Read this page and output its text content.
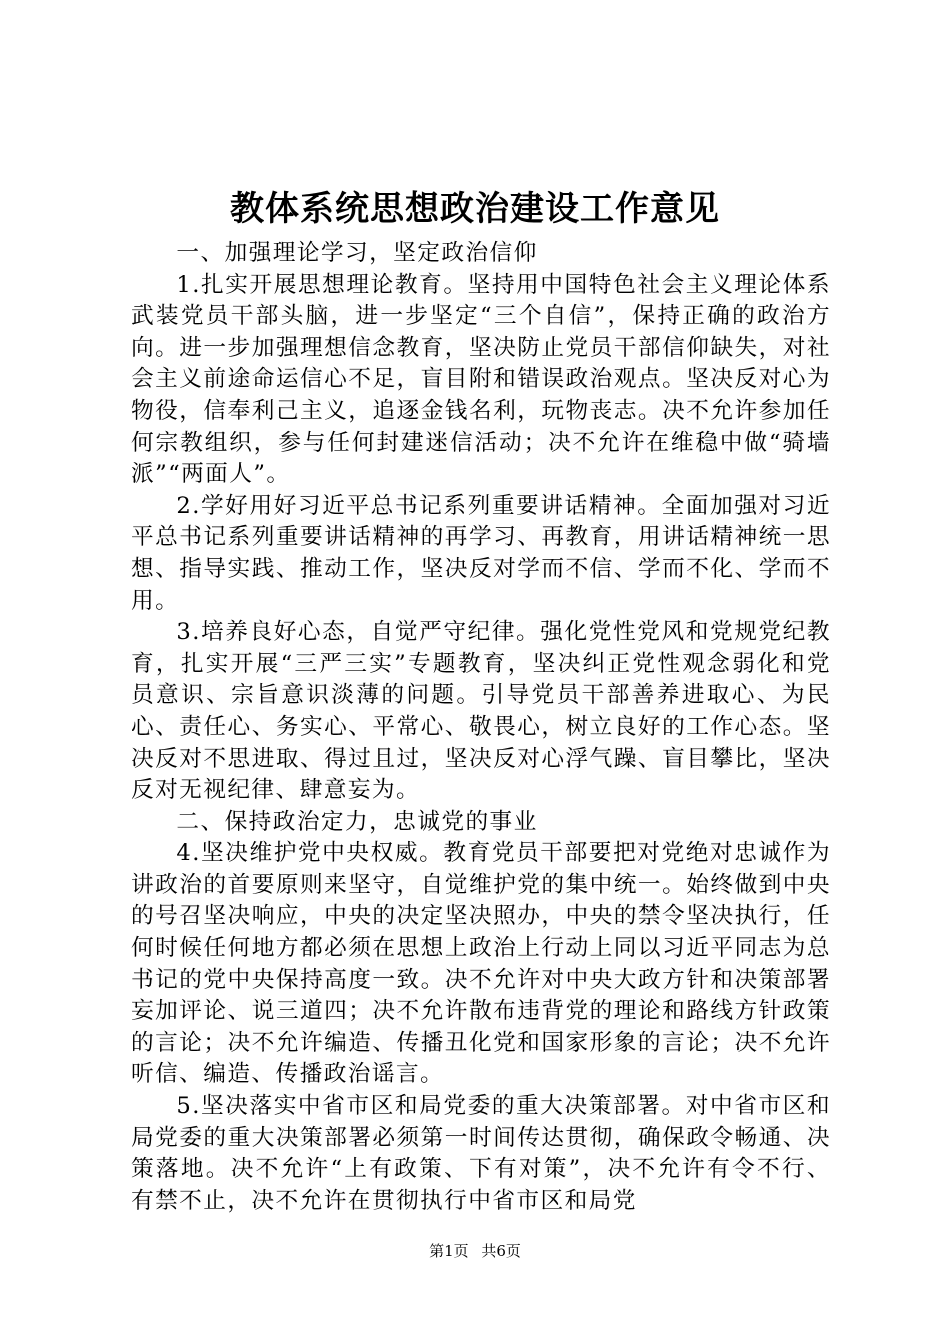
教体系统思想政治建设工作意见

一、加强理论学习，坚定政治信仰

1.扎实开展思想理论教育。坚持用中国特色社会主义理论体系武装党员干部头脑，进一步坚定“三个自信”，保持正确的政治方向。进一步加强理想信念教育，坚决防止党员干部信仰缺失，对社会主义前途命运信心不足，盲目附和错误政治观点。坚决反对心为物役，信奉利己主义，追逐金钱名利，玩物丧志。决不允许参加任何宗教组织，参与任何封建迷信活动；决不允许在维稳中做“骑墙派”“两面人”。

2.学好用好习近平总书记系列重要讲话精神。全面加强对习近平总书记系列重要讲话精神的再学习、再教育，用讲话精神统一思想、指导实践、推动工作，坚决反对学而不信、学而不化、学而不用。

3.培养良好心态，自觉严守纪律。强化党性党风和党规党纪教育，扎实开展“三严三实”专题教育，坚决纠正党性观念弱化和党员意识、宗旨意识淡薄的问题。引导党员干部善养进取心、为民心、责任心、务实心、平常心、敬畏心，树立良好的工作心态。坚决反对不思进取、得过且过，坚决反对心浮气躁、盲目攀比，坚决反对无视纪律、肆意妄为。

二、保持政治定力，忠诚党的事业

4.坚决维护党中央权威。教育党员干部要把对党绝对忠诚作为讲政治的首要原则来坚守，自觉维护党的集中统一。始终做到中央的号召坚决响应，中央的决定坚决照办，中央的禁令坚决执行，任何时候任何地方都必须在思想上政治上行动上同以习近平同志为总书记的党中央保持高度一致。决不允许对中央大政方针和决策部署妄加评论、说三道四；决不允许散布违背党的理论和路线方针政策的言论；决不允许编造、传播丑化党和国家形象的言论；决不允许听信、编造、传播政治谣言。

5.坚决落实中省市区和局党委的重大决策部署。对中省市区和局党委的重大决策部署必须第一时间传达贯彻，确保政令畅通、决策落地。决不允许“上有政策、下有对策”，决不允许有令不行、有禁不止，决不允许在贯彻执行中省市区和局党

第1页 共6页
